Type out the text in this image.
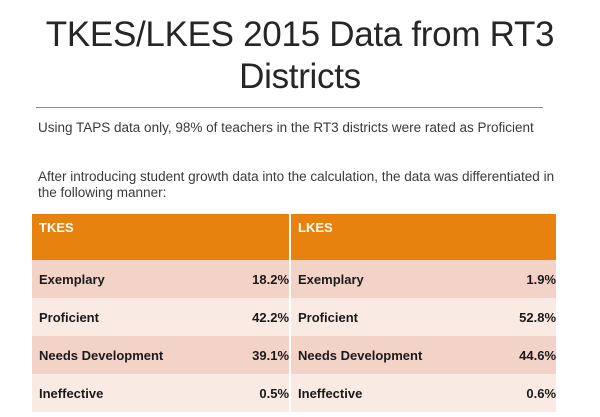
TKES/LKES 2015 Data from RT3
Districts
Using TAPS data only, 98% of teachers in the RT3 districts were rated as Proficient
After introducing student growth data into the calculation, the data was differentiated in the following manner:
TKES		LKES	
Exemplary	18.2%	Exemplary	1.9%
Proficient	42.2%	Proficient	52.8%
Needs Development	39.1%	Needs Development	44.6%
Ineffective	0.5%	Ineffective	0.6%
